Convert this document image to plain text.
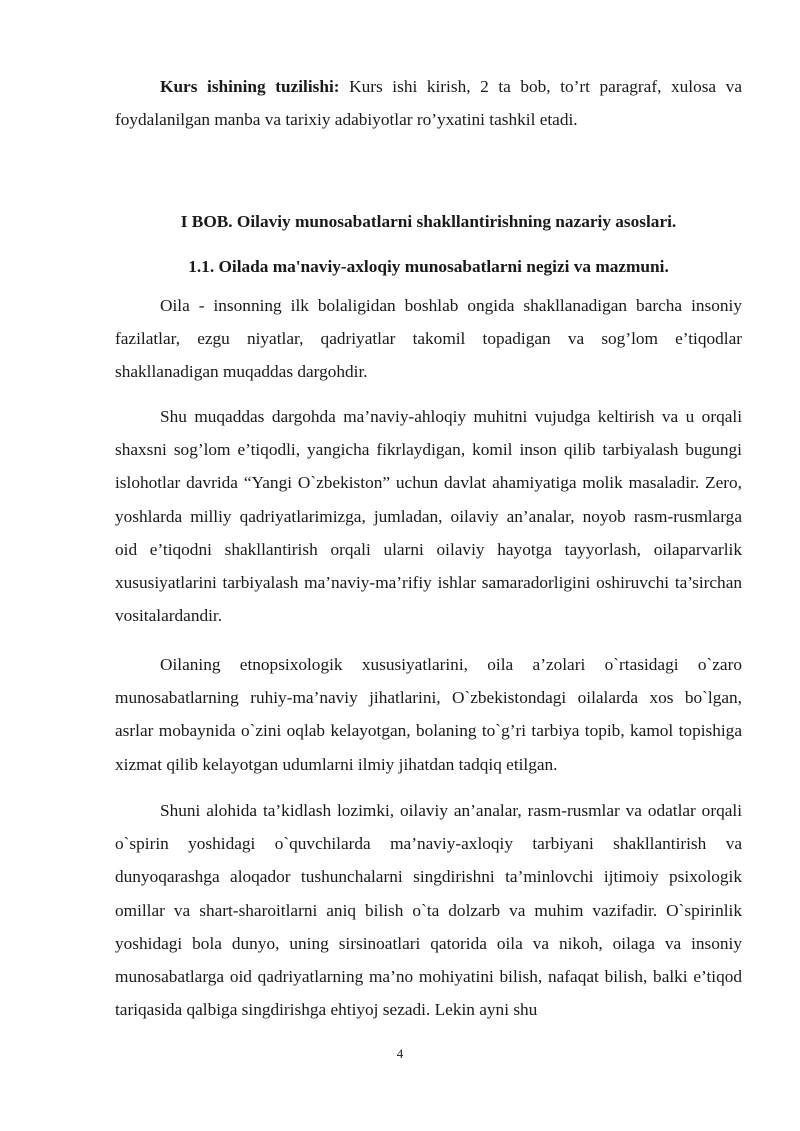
Kurs ishining tuzilishi: Kurs ishi kirish, 2 ta bob, to’rt paragraf, xulosa va foydalanilgan manba va tarixiy adabiyotlar ro’yxatini tashkil etadi.

I BOB. Oilaviy munosabatlarni shakllantirishning nazariy asoslari.
1.1. Oilada ma'naviy-axloqiy munosabatlarni negizi va mazmuni.

Oila - insonning ilk bolaligidan boshlab ongida shakllanadigan barcha insoniy fazilatlar, ezgu niyatlar, qadriyatlar takomil topadigan va sog’lom e’tiqodlar shakllanadigan muqaddas dargohdir.

Shu muqaddas dargohda ma’naviy-ahloqiy muhitni vujudga keltirish va u orqali shaxsni sog’lom e’tiqodli, yangicha fikrlaydigan, komil inson qilib tarbiyalash bugungi islohotlar davrida “Yangi O`zbekiston” uchun davlat ahamiyatiga molik masaladir. Zero, yoshlarda milliy qadriyatlarimizga, jumladan, oilaviy an’analar, noyob rasm-rusmlarga oid e’tiqodni shakllantirish orqali ularni oilaviy hayotga tayyorlash, oilaparvarlik xususiyatlarini tarbiyalash ma’naviy-ma’rifiy ishlar samaradorligini oshiruvchi ta’sirchan vositalardandir.

Oilaning etnopsixologik xususiyatlarini, oila a’zolari o`rtasidagi o`zaro munosabatlarning ruhiy-ma’naviy jihatlarini, O`zbekistondagi oilalarda xos bo`lgan, asrlar mobaynida o`zini oqlab kelayotgan, bolaning to`g’ri tarbiya topib, kamol topishiga xizmat qilib kelayotgan udumlarni ilmiy jihatdan tadqiq etilgan.

Shuni alohida ta’kidlash lozimki, oilaviy an’analar, rasm-rusmlar va odatlar orqali o`spirin yoshidagi o`quvchilarda ma’naviy-axloqiy tarbiyani shakllantirish va dunyoqarashga aloqador tushunchalarni singdirishni ta’minlovchi ijtimoiy psixologik omillar va shart-sharoitlarni aniq bilish o`ta dolzarb va muhim vazifadir. O`spirinlik yoshidagi bola dunyo, uning sirsinoatlari qatorida oila va nikoh, oilaga va insoniy munosabatlarga oid qadriyatlarning ma’no mohiyatini bilish, nafaqat bilish, balki e’tiqod tariqasida qalbiga singdirishga ehtiyoj sezadi. Lekin ayni shu

4
